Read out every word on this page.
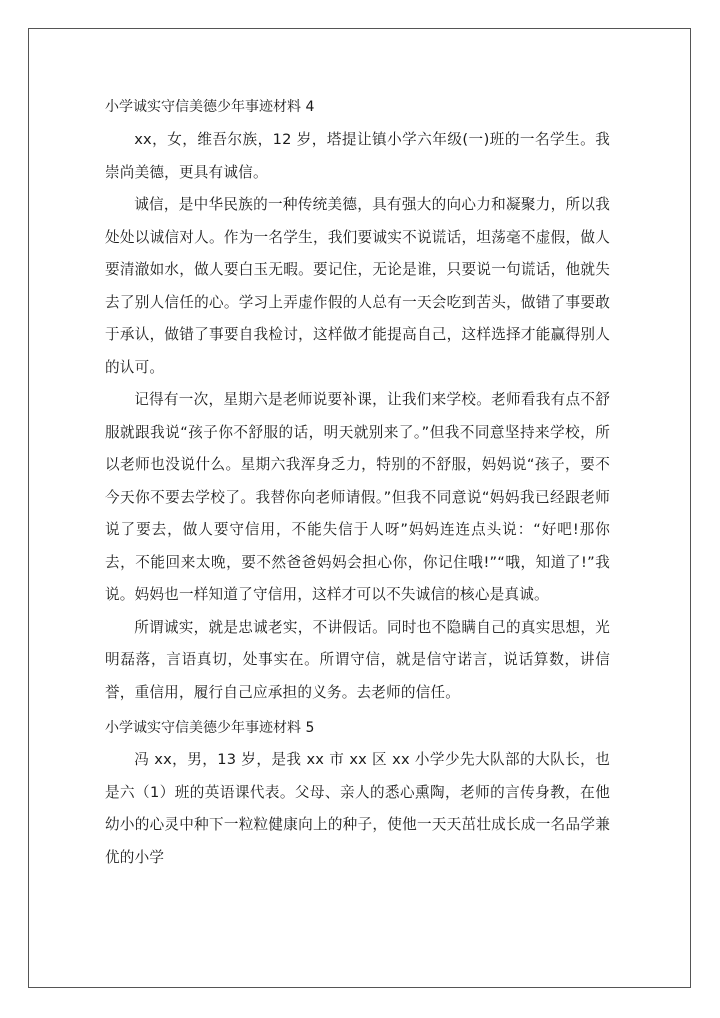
小学诚实守信美德少年事迹材料 4

xx，女，维吾尔族，12 岁，塔提让镇小学六年级(一)班的一名学生。我崇尚美德，更具有诚信。

诚信，是中华民族的一种传统美德，具有强大的向心力和凝聚力，所以我处处以诚信对人。作为一名学生，我们要诚实不说谎话，坦荡毫不虚假，做人要清澈如水，做人要白玉无暇。要记住，无论是谁，只要说一句谎话，他就失去了别人信任的心。学习上弄虚作假的人总有一天会吃到苦头，做错了事要敢于承认，做错了事要自我检讨，这样做才能提高自己，这样选择才能赢得别人的认可。

记得有一次，星期六是老师说要补课，让我们来学校。老师看我有点不舒服就跟我说“孩子你不舒服的话，明天就别来了。”但我不同意坚持来学校，所以老师也没说什么。星期六我浑身乏力，特别的不舒服，妈妈说“孩子，要不今天你不要去学校了。我替你向老师请假。”但我不同意说“妈妈我已经跟老师说了要去，做人要守信用，不能失信于人呀”妈妈连连点头说：“好吧!那你去，不能回来太晚，要不然爸爸妈妈会担心你，你记住哦!”“哦，知道了!”我说。妈妈也一样知道了守信用，这样才可以不失诚信的核心是真诚。

所谓诚实，就是忠诚老实，不讲假话。同时也不隐瞒自己的真实思想，光明磊落，言语真切，处事实在。所谓守信，就是信守诺言，说话算数，讲信誉，重信用，履行自己应承担的义务。去老师的信任。

小学诚实守信美德少年事迹材料 5

冯 xx，男，13 岁，是我 xx 市 xx 区 xx 小学少先大队部的大队长，也是六（1）班的英语课代表。父母、亲人的悉心熏陶，老师的言传身教，在他幼小的心灵中种下一粒粒健康向上的种子，使他一天天茁壮成长成一名品学兼优的小学
